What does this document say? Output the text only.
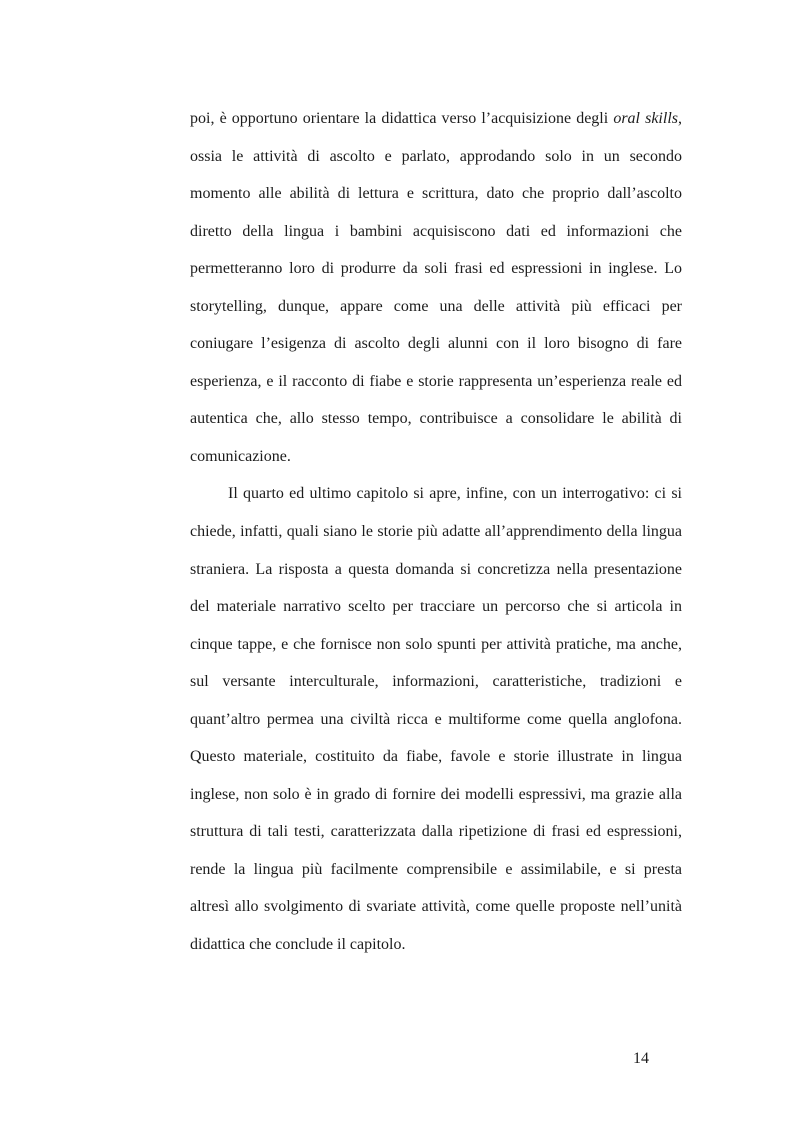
poi, è opportuno orientare la didattica verso l’acquisizione degli oral skills, ossia le attività di ascolto e parlato, approdando solo in un secondo momento alle abilità di lettura e scrittura, dato che proprio dall’ascolto diretto della lingua i bambini acquisiscono dati ed informazioni che permetteranno loro di produrre da soli frasi ed espressioni in inglese. Lo storytelling, dunque, appare come una delle attività più efficaci per coniugare l’esigenza di ascolto degli alunni con il loro bisogno di fare esperienza, e il racconto di fiabe e storie rappresenta un’esperienza reale ed autentica che, allo stesso tempo, contribuisce a consolidare le abilità di comunicazione.

Il quarto ed ultimo capitolo si apre, infine, con un interrogativo: ci si chiede, infatti, quali siano le storie più adatte all’apprendimento della lingua straniera. La risposta a questa domanda si concretizza nella presentazione del materiale narrativo scelto per tracciare un percorso che si articola in cinque tappe, e che fornisce non solo spunti per attività pratiche, ma anche, sul versante interculturale, informazioni, caratteristiche, tradizioni e quant’altro permea una civiltà ricca e multiforme come quella anglofona. Questo materiale, costituito da fiabe, favole e storie illustrate in lingua inglese, non solo è in grado di fornire dei modelli espressivi, ma grazie alla struttura di tali testi, caratterizzata dalla ripetizione di frasi ed espressioni, rende la lingua più facilmente comprensibile e assimilabile, e si presta altresì allo svolgimento di svariate attività, come quelle proposte nell’unità didattica che conclude il capitolo.

14
